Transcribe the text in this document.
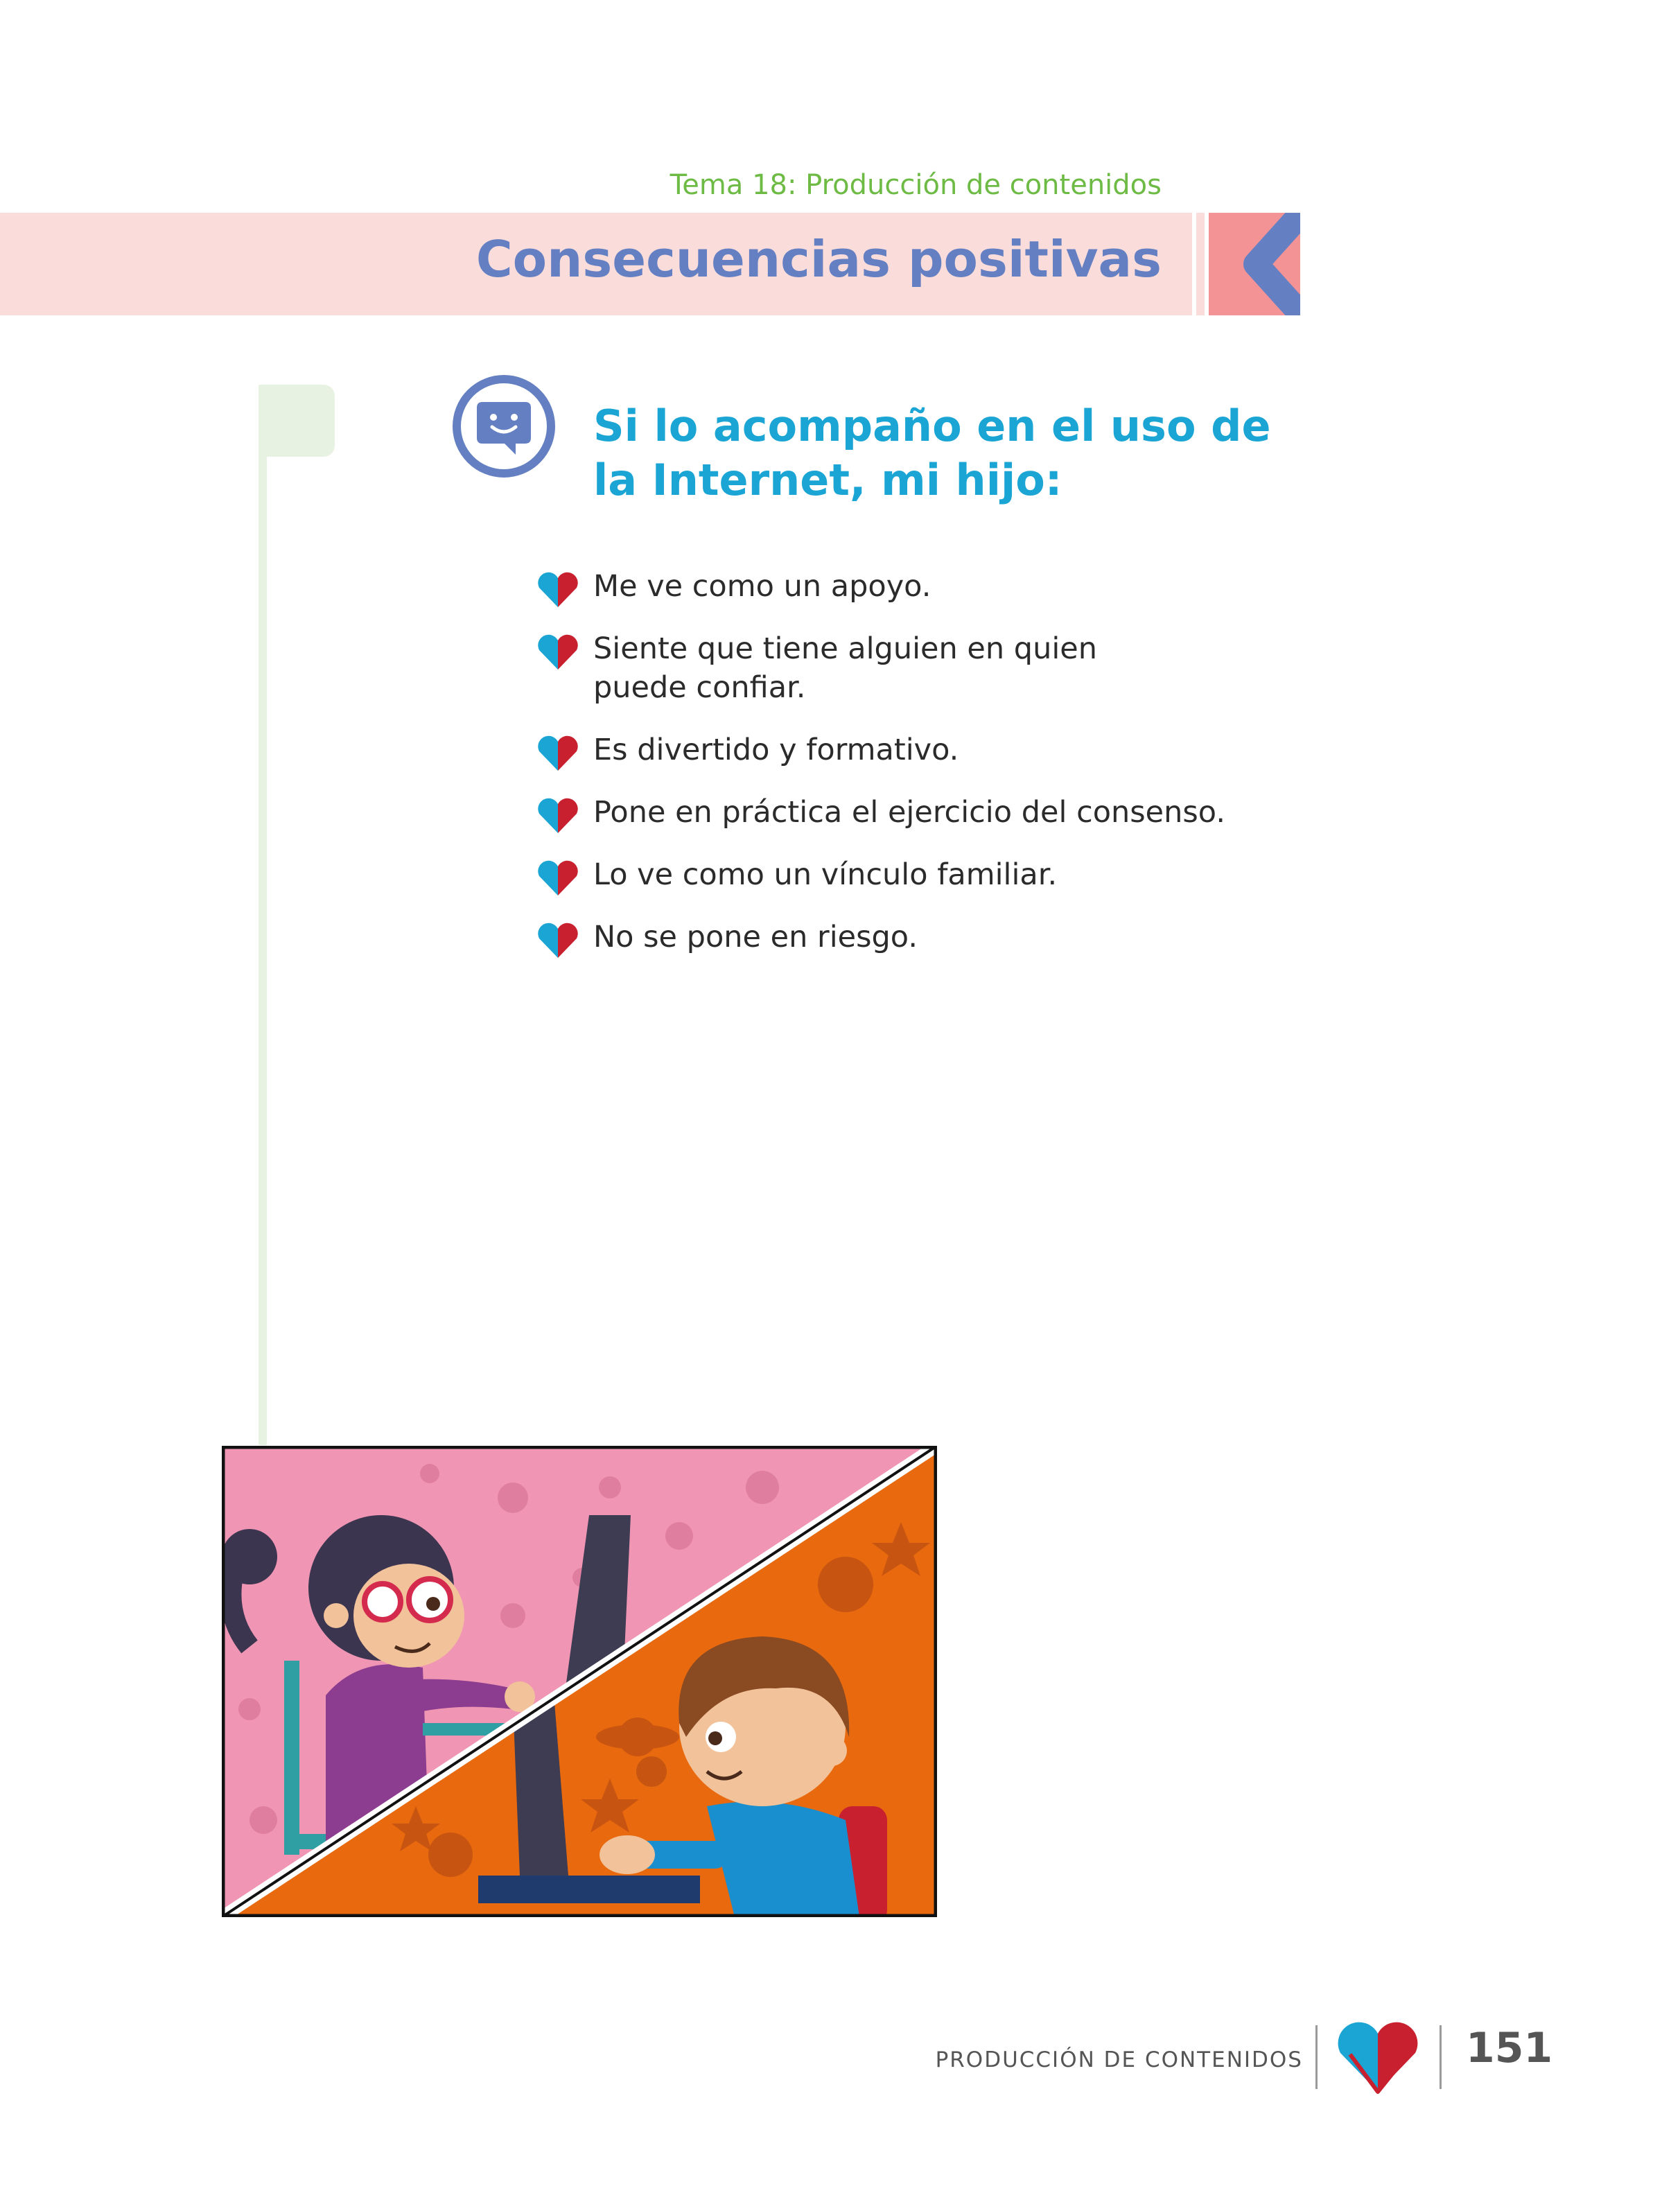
Tema 18: Producción de contenidos
Consecuencias positivas
Si lo acompaño en el uso de
la Internet, mi hijo:
Me ve como un apoyo.
Siente que tiene alguien en quien
puede confiar.
Es divertido y formativo.
Pone en práctica el ejercicio del consenso.
Lo ve como un vínculo familiar.
No se pone en riesgo.
PRODUCCIÓN DE CONTENIDOS	151
